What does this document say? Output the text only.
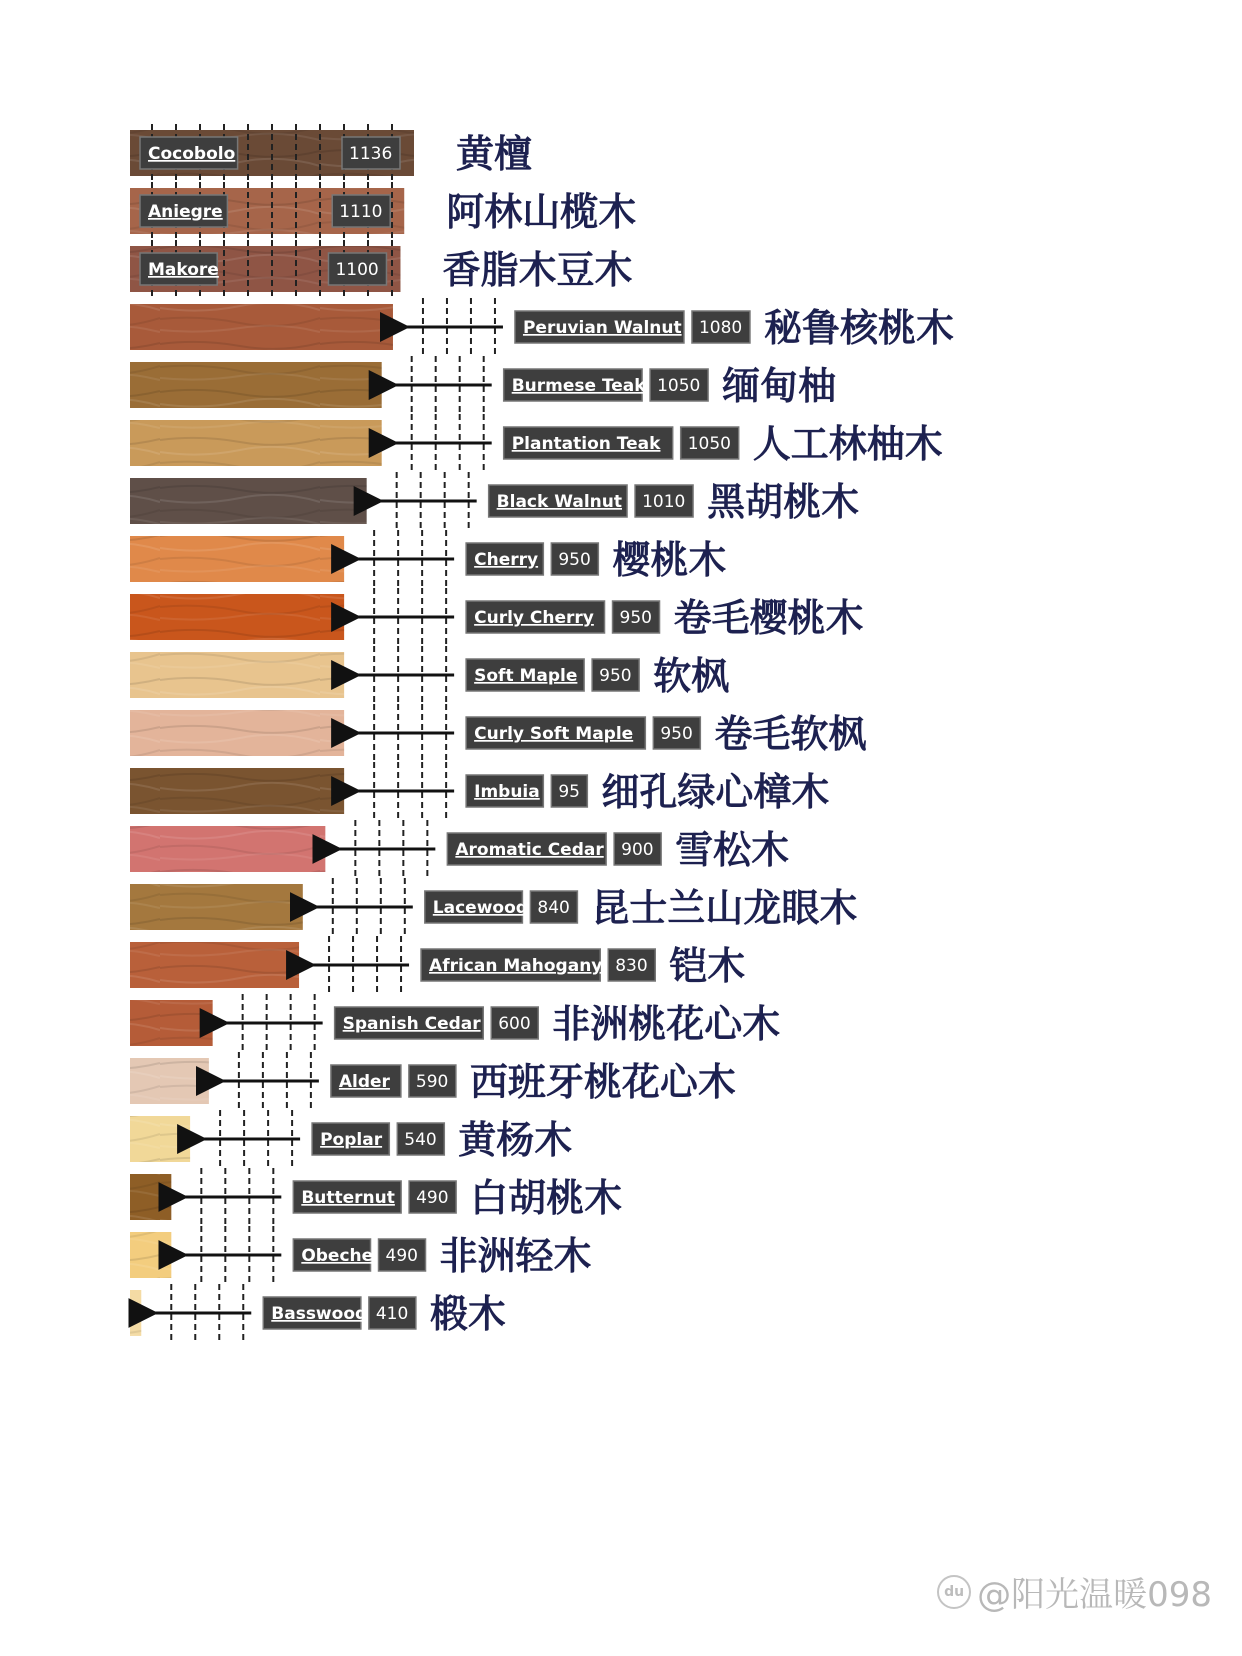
Cocobolo	1136 黄檀
Aniegre	1110 阿林山榄木
Makore	1100 香脂木豆木
Peruvian Walnut 1080 秘鲁核桃木
Burmese Teak 1050 缅甸柚
Plantation Teak 1050 人工林柚木
Black Walnut 1010 黑胡桃木
Cherry 950 樱桃木
Curly Cherry 950 卷毛樱桃木
Soft Maple 950 软枫
Curly Soft Maple 950 卷毛软枫
Imbuia 95 细孔绿心樟木
Aromatic Cedar 900 雪松木
Lacewood 840 昆士兰山龙眼木
African Mahogany 830 铠木
Spanish Cedar 600 非洲桃花心木
Alder 590 西班牙桃花心木
Poplar 540 黄杨木
Butternut 490 白胡桃木
Obeche 490 非洲轻木
Basswood 410 椴木
du @阳光温暖098
